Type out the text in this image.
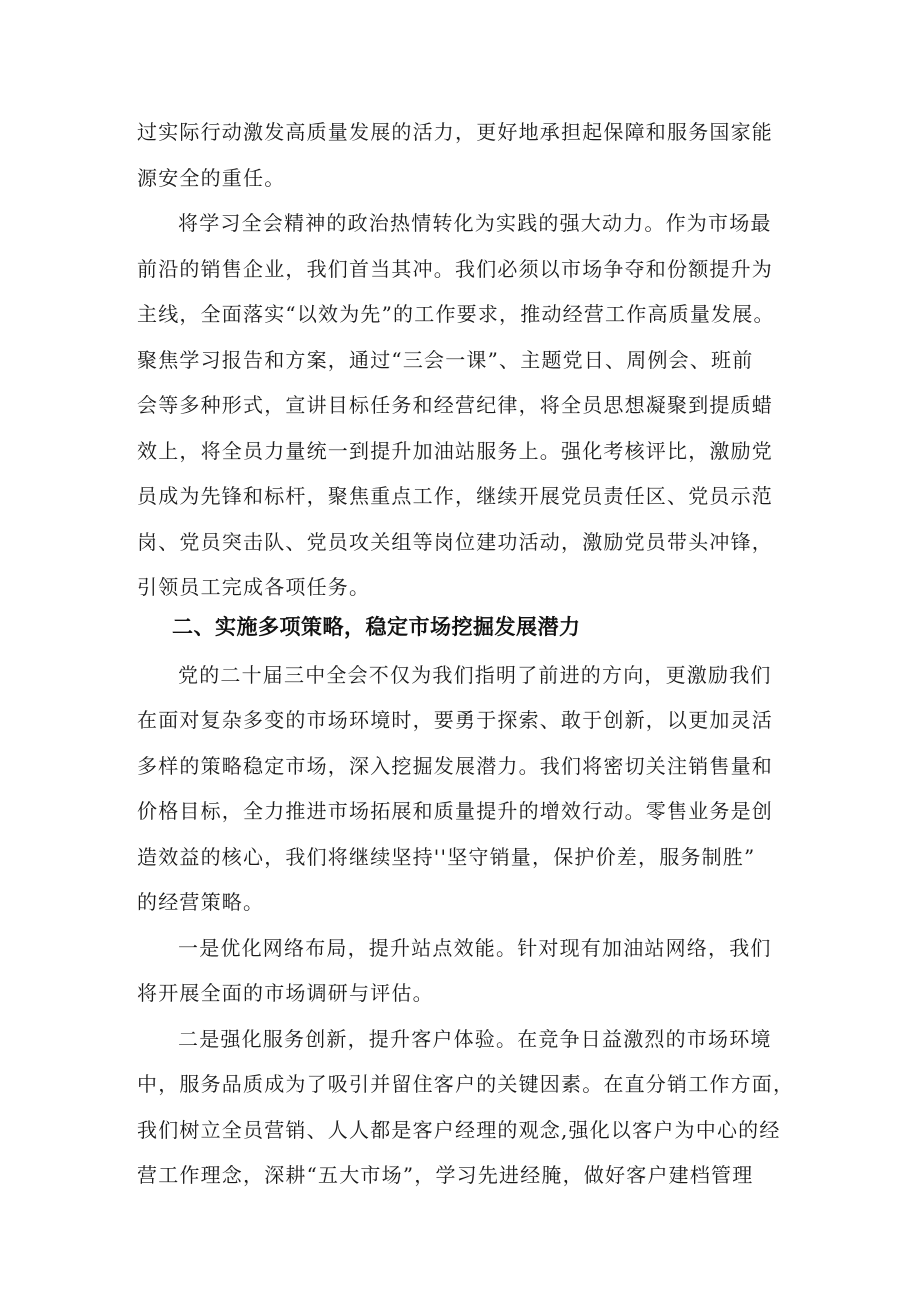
过实际行动激发高质量发展的活力，更好地承担起保障和服务国家能

源安全的重任。

将学习全会精神的政治热情转化为实践的强大动力。作为市场最

前沿的销售企业，我们首当其冲。我们必须以市场争夺和份额提升为

主线，全面落实“以效为先”的工作要求，推动经营工作高质量发展。

聚焦学习报告和方案，通过“三会一课”、主题党日、周例会、班前

会等多种形式，宣讲目标任务和经营纪律，将全员思想凝聚到提质蜡

效上，将全员力量统一到提升加油站服务上。强化考核评比，激励党

员成为先锋和标杆，聚焦重点工作，继续开展党员责任区、党员示范

岗、党员突击队、党员攻关组等岗位建功活动，激励党员带头冲锋，

引领员工完成各项任务。

二、实施多项策略，稳定市场挖掘发展潜力

党的二十届三中全会不仅为我们指明了前进的方向，更激励我们

在面对复杂多变的市场环境时，要勇于探索、敢于创新，以更加灵活

多样的策略稳定市场，深入挖掘发展潜力。我们将密切关注销售量和

价格目标，全力推进市场拓展和质量提升的增效行动。零售业务是创

造效益的核心，我们将继续坚持''坚守销量，保护价差，服务制胜”

的经营策略。

一是优化网络布局，提升站点效能。针对现有加油站网络，我们

将开展全面的市场调研与评估。

二是强化服务创新，提升客户体验。在竞争日益激烈的市场环境

中，服务品质成为了吸引并留住客户的关键因素。在直分销工作方面，

我们树立全员营销、人人都是客户经理的观念,强化以客户为中心的经

营工作理念，深耕“五大市场”，学习先进经腌，做好客户建档管理
